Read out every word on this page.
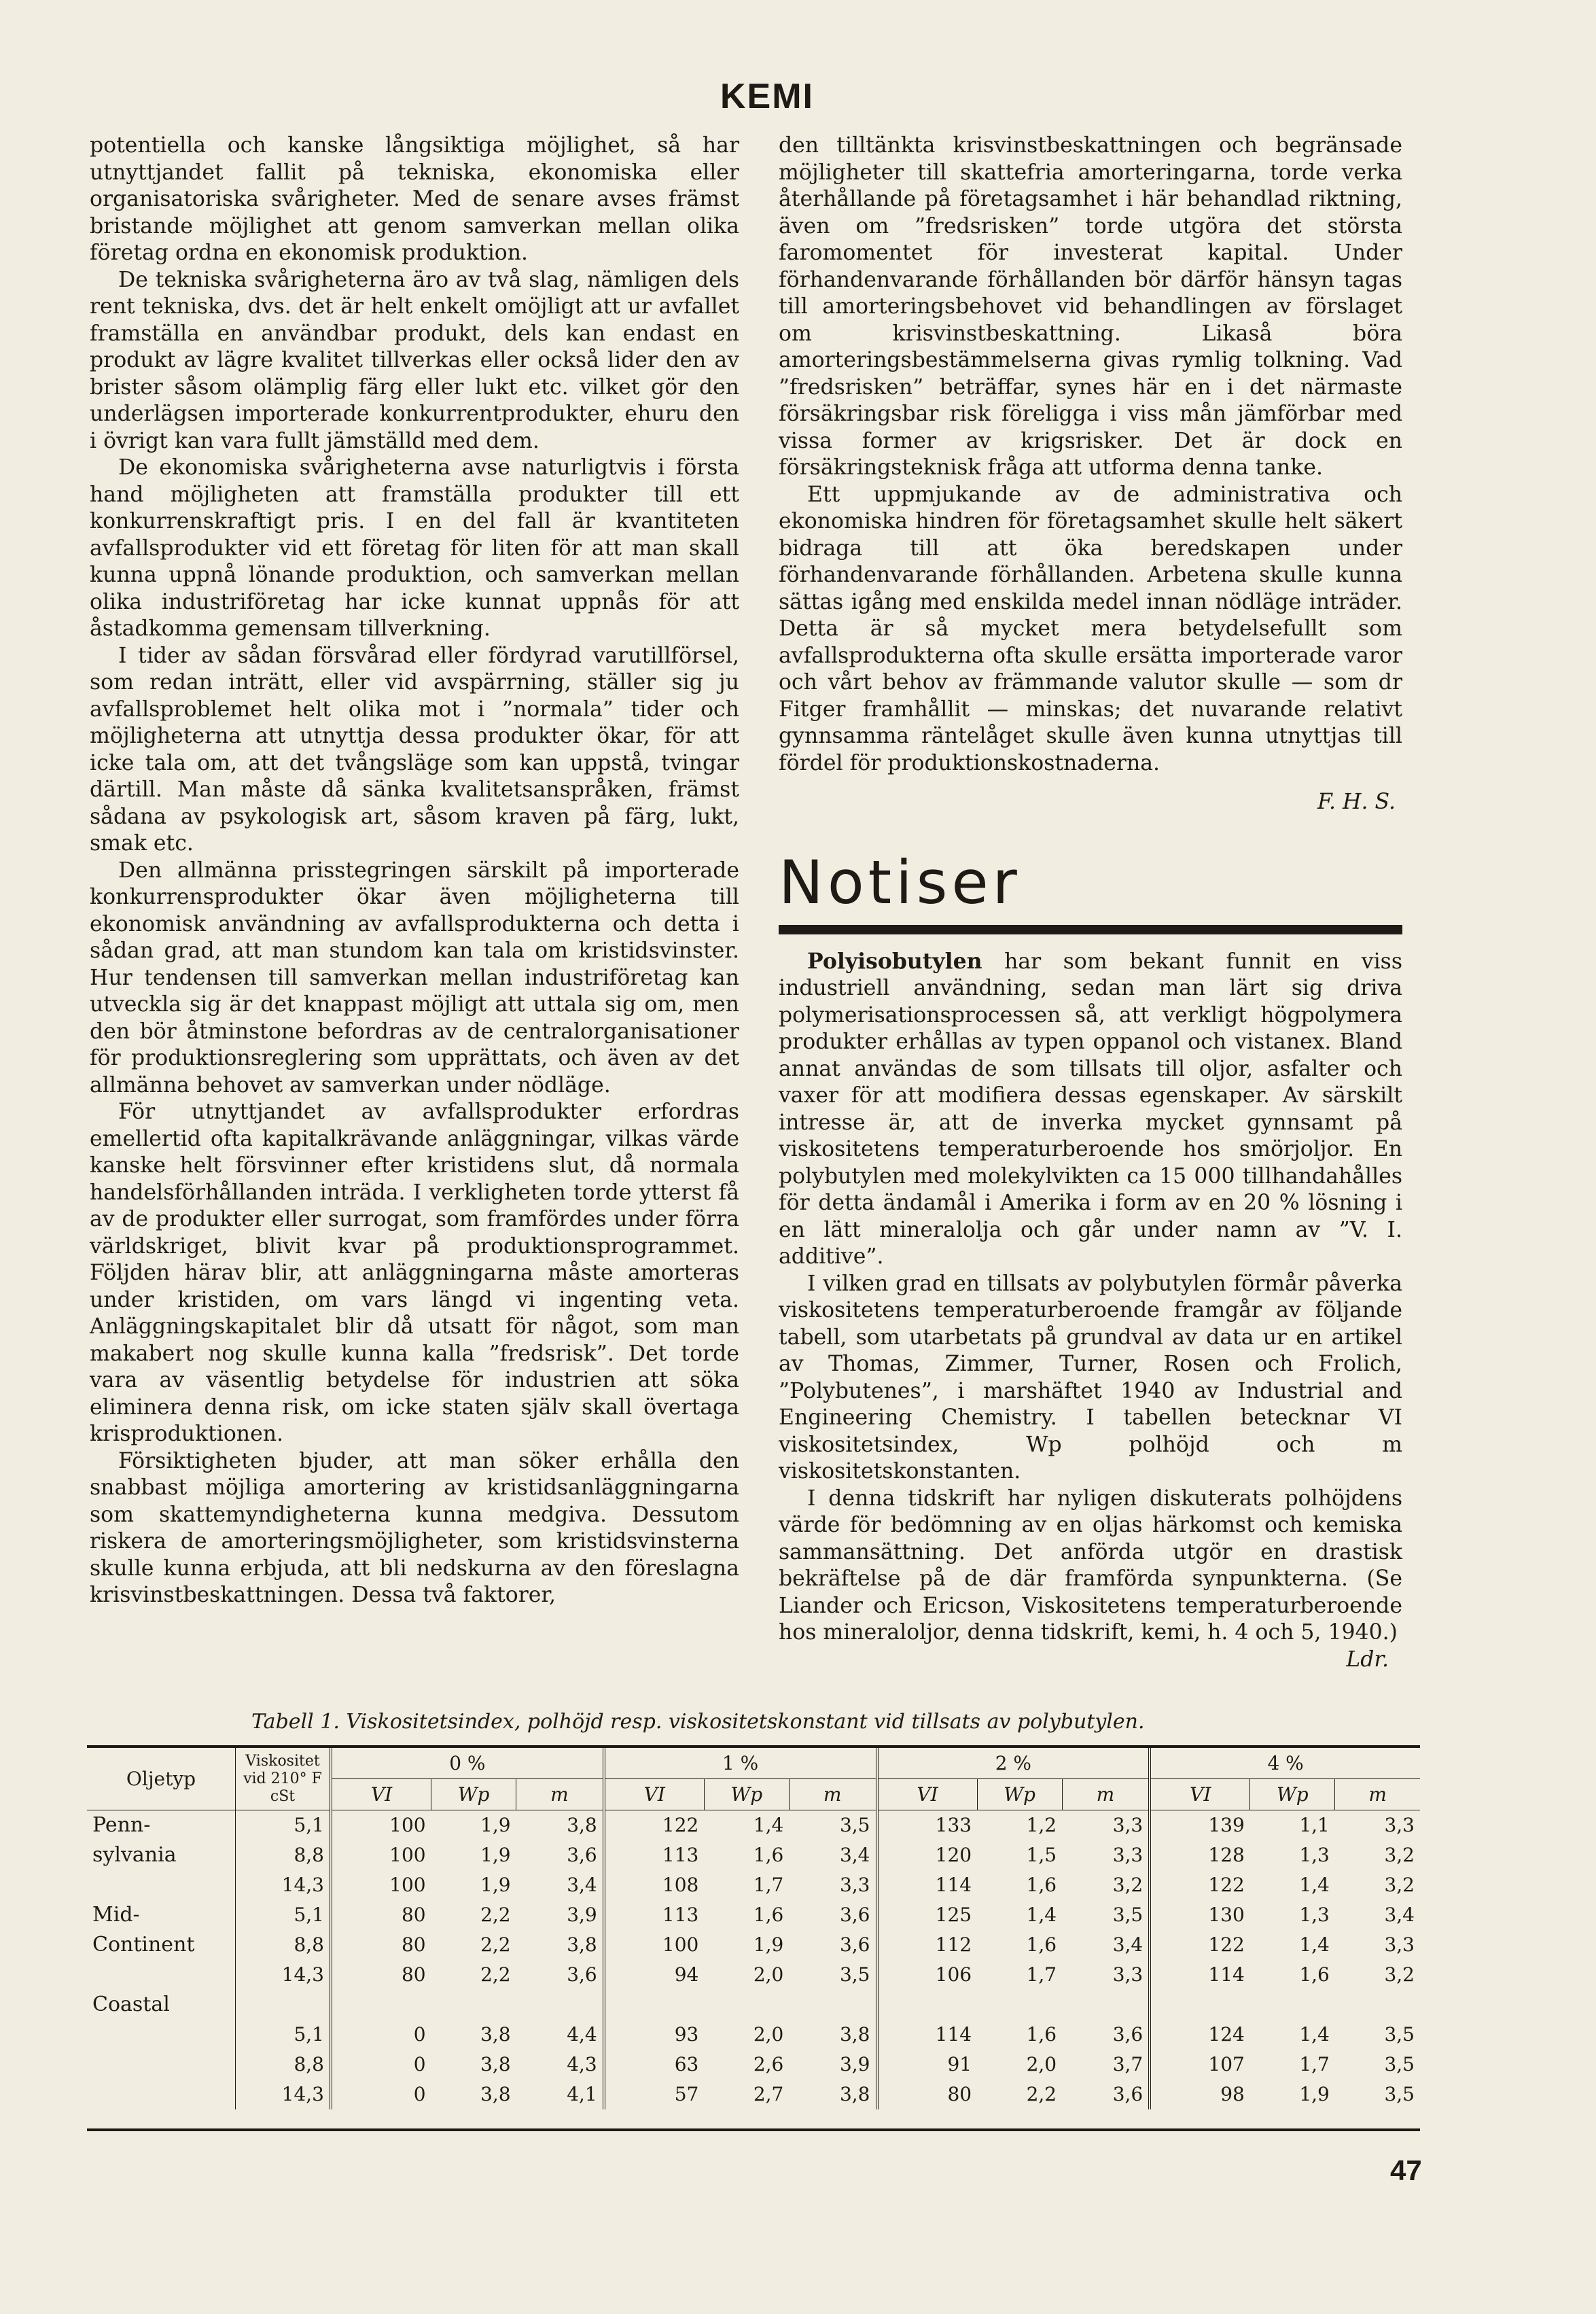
KEMI

potentiella och kanske långsiktiga möjlighet, så har utnyttjandet fallit på tekniska, ekonomiska eller organisatoriska svårigheter. Med de senare avses främst bristande möjlighet att genom samverkan mellan olika företag ordna en ekonomisk produktion.

De tekniska svårigheterna äro av två slag, nämligen dels rent tekniska, dvs. det är helt enkelt omöjligt att ur avfallet framställa en användbar produkt, dels kan endast en produkt av lägre kvalitet tillverkas eller också lider den av brister såsom olämplig färg eller lukt etc. vilket gör den underlägsen importerade konkurrentprodukter, ehuru den i övrigt kan vara fullt jämställd med dem.

De ekonomiska svårigheterna avse naturligtvis i första hand möjligheten att framställa produkter till ett konkurrenskraftigt pris. I en del fall är kvantiteten avfallsprodukter vid ett företag för liten för att man skall kunna uppnå lönande produktion, och samverkan mellan olika industriföretag har icke kunnat uppnås för att åstadkomma gemensam tillverkning.

I tider av sådan försvårad eller fördyrad varutillförsel, som redan inträtt, eller vid avspärrning, ställer sig ju avfallsproblemet helt olika mot i ”normala” tider och möjligheterna att utnyttja dessa produkter ökar, för att icke tala om, att det tvångsläge som kan uppstå, tvingar därtill. Man måste då sänka kvalitetsanspråken, främst sådana av psykologisk art, såsom kraven på färg, lukt, smak etc.

Den allmänna prisstegringen särskilt på importerade konkurrensprodukter ökar även möjligheterna till ekonomisk användning av avfallsprodukterna och detta i sådan grad, att man stundom kan tala om kristidsvinster. Hur tendensen till samverkan mellan industriföretag kan utveckla sig är det knappast möjligt att uttala sig om, men den bör åtminstone befordras av de centralorganisationer för produktionsreglering som upprättats, och även av det allmänna behovet av samverkan under nödläge.

För utnyttjandet av avfallsprodukter erfordras emellertid ofta kapitalkrävande anläggningar, vilkas värde kanske helt försvinner efter kristidens slut, då normala handelsförhållanden inträda. I verkligheten torde ytterst få av de produkter eller surrogat, som framfördes under förra världskriget, blivit kvar på produktionsprogrammet. Följden härav blir, att anläggningarna måste amorteras under kristiden, om vars längd vi ingenting veta. Anläggningskapitalet blir då utsatt för något, som man makabert nog skulle kunna kalla ”fredsrisk”. Det torde vara av väsentlig betydelse för industrien att söka eliminera denna risk, om icke staten själv skall övertaga krisproduktionen.

Försiktigheten bjuder, att man söker erhålla den snabbast möjliga amortering av kristidsanläggningarna som skattemyndigheterna kunna medgiva. Dessutom riskera de amorteringsmöjligheter, som kristidsvinsterna skulle kunna erbjuda, att bli nedskurna av den föreslagna krisvinstbeskattningen. Dessa två faktorer,

den tilltänkta krisvinstbeskattningen och begränsade möjligheter till skattefria amorteringarna, torde verka återhållande på företagsamhet i här behandlad riktning, även om ”fredsrisken” torde utgöra det största faromomentet för investerat kapital. Under förhandenvarande förhållanden bör därför hänsyn tagas till amorteringsbehovet vid behandlingen av förslaget om krisvinstbeskattning. Likaså böra amorteringsbestämmelserna givas rymlig tolkning. Vad ”fredsrisken” beträffar, synes här en i det närmaste försäkringsbar risk föreligga i viss mån jämförbar med vissa former av krigsrisker. Det är dock en försäkringsteknisk fråga att utforma denna tanke.

Ett uppmjukande av de administrativa och ekonomiska hindren för företagsamhet skulle helt säkert bidraga till att öka beredskapen under förhandenvarande förhållanden. Arbetena skulle kunna sättas igång med enskilda medel innan nödläge inträder. Detta är så mycket mera betydelsefullt som avfallsprodukterna ofta skulle ersätta importerade varor och vårt behov av främmande valutor skulle — som dr Fitger framhållit — minskas; det nuvarande relativt gynnsamma räntelåget skulle även kunna utnyttjas till fördel för produktionskostnaderna.

F. H. S.
Notiser

Polyisobutylen har som bekant funnit en viss industriell användning, sedan man lärt sig driva polymerisationsprocessen så, att verkligt högpolymera produkter erhållas av typen oppanol och vistanex. Bland annat användas de som tillsats till oljor, asfalter och vaxer för att modifiera dessas egenskaper. Av särskilt intresse är, att de inverka mycket gynnsamt på viskositetens temperaturberoende hos smörjoljor. En polybutylen med molekylvikten ca 15 000 tillhandahålles för detta ändamål i Amerika i form av en 20 % lösning i en lätt mineralolja och går under namn av ”V. I. additive”.

I vilken grad en tillsats av polybutylen förmår påverka viskositetens temperaturberoende framgår av följande tabell, som utarbetats på grundval av data ur en artikel av Thomas, Zimmer, Turner, Rosen och Frolich, ”Polybutenes”, i marshäftet 1940 av Industrial and Engineering Chemistry. I tabellen betecknar VI viskositetsindex, Wp polhöjd och m viskositetskonstanten.

I denna tidskrift har nyligen diskuterats polhöjdens värde för bedömning av en oljas härkomst och kemiska sammansättning. Det anförda utgör en drastisk bekräftelse på de där framförda synpunkterna. (Se Liander och Ericson, Viskositetens temperaturberoende hos mineraloljor, denna tidskrift, kemi, h. 4 och 5, 1940.)
Ldr.

Tabell 1. Viskositetsindex, polhöjd resp. viskositetskonstant vid tillsats av polybutylen.
Oljetyp	Viskositet vid 210° F cSt	0 %			1 %			2 %			4 %		
		VI	Wp	m	VI	Wp	m	VI	Wp	m	VI	Wp	m
Penn-	5,1	100	1,9	3,8	122	1,4	3,5	133	1,2	3,3	139	1,1	3,3
sylvania	8,8	100	1,9	3,6	113	1,6	3,4	120	1,5	3,3	128	1,3	3,2
	14,3	100	1,9	3,4	108	1,7	3,3	114	1,6	3,2	122	1,4	3,2
Mid-	5,1	80	2,2	3,9	113	1,6	3,6	125	1,4	3,5	130	1,3	3,4
Continent	8,8	80	2,2	3,8	100	1,9	3,6	112	1,6	3,4	122	1,4	3,3
	14,3	80	2,2	3,6	94	2,0	3,5	106	1,7	3,3	114	1,6	3,2
Coastal													
	5,1	0	3,8	4,4	93	2,0	3,8	114	1,6	3,6	124	1,4	3,5
	8,8	0	3,8	4,3	63	2,6	3,9	91	2,0	3,7	107	1,7	3,5
	14,3	0	3,8	4,1	57	2,7	3,8	80	2,2	3,6	98	1,9	3,5
47
